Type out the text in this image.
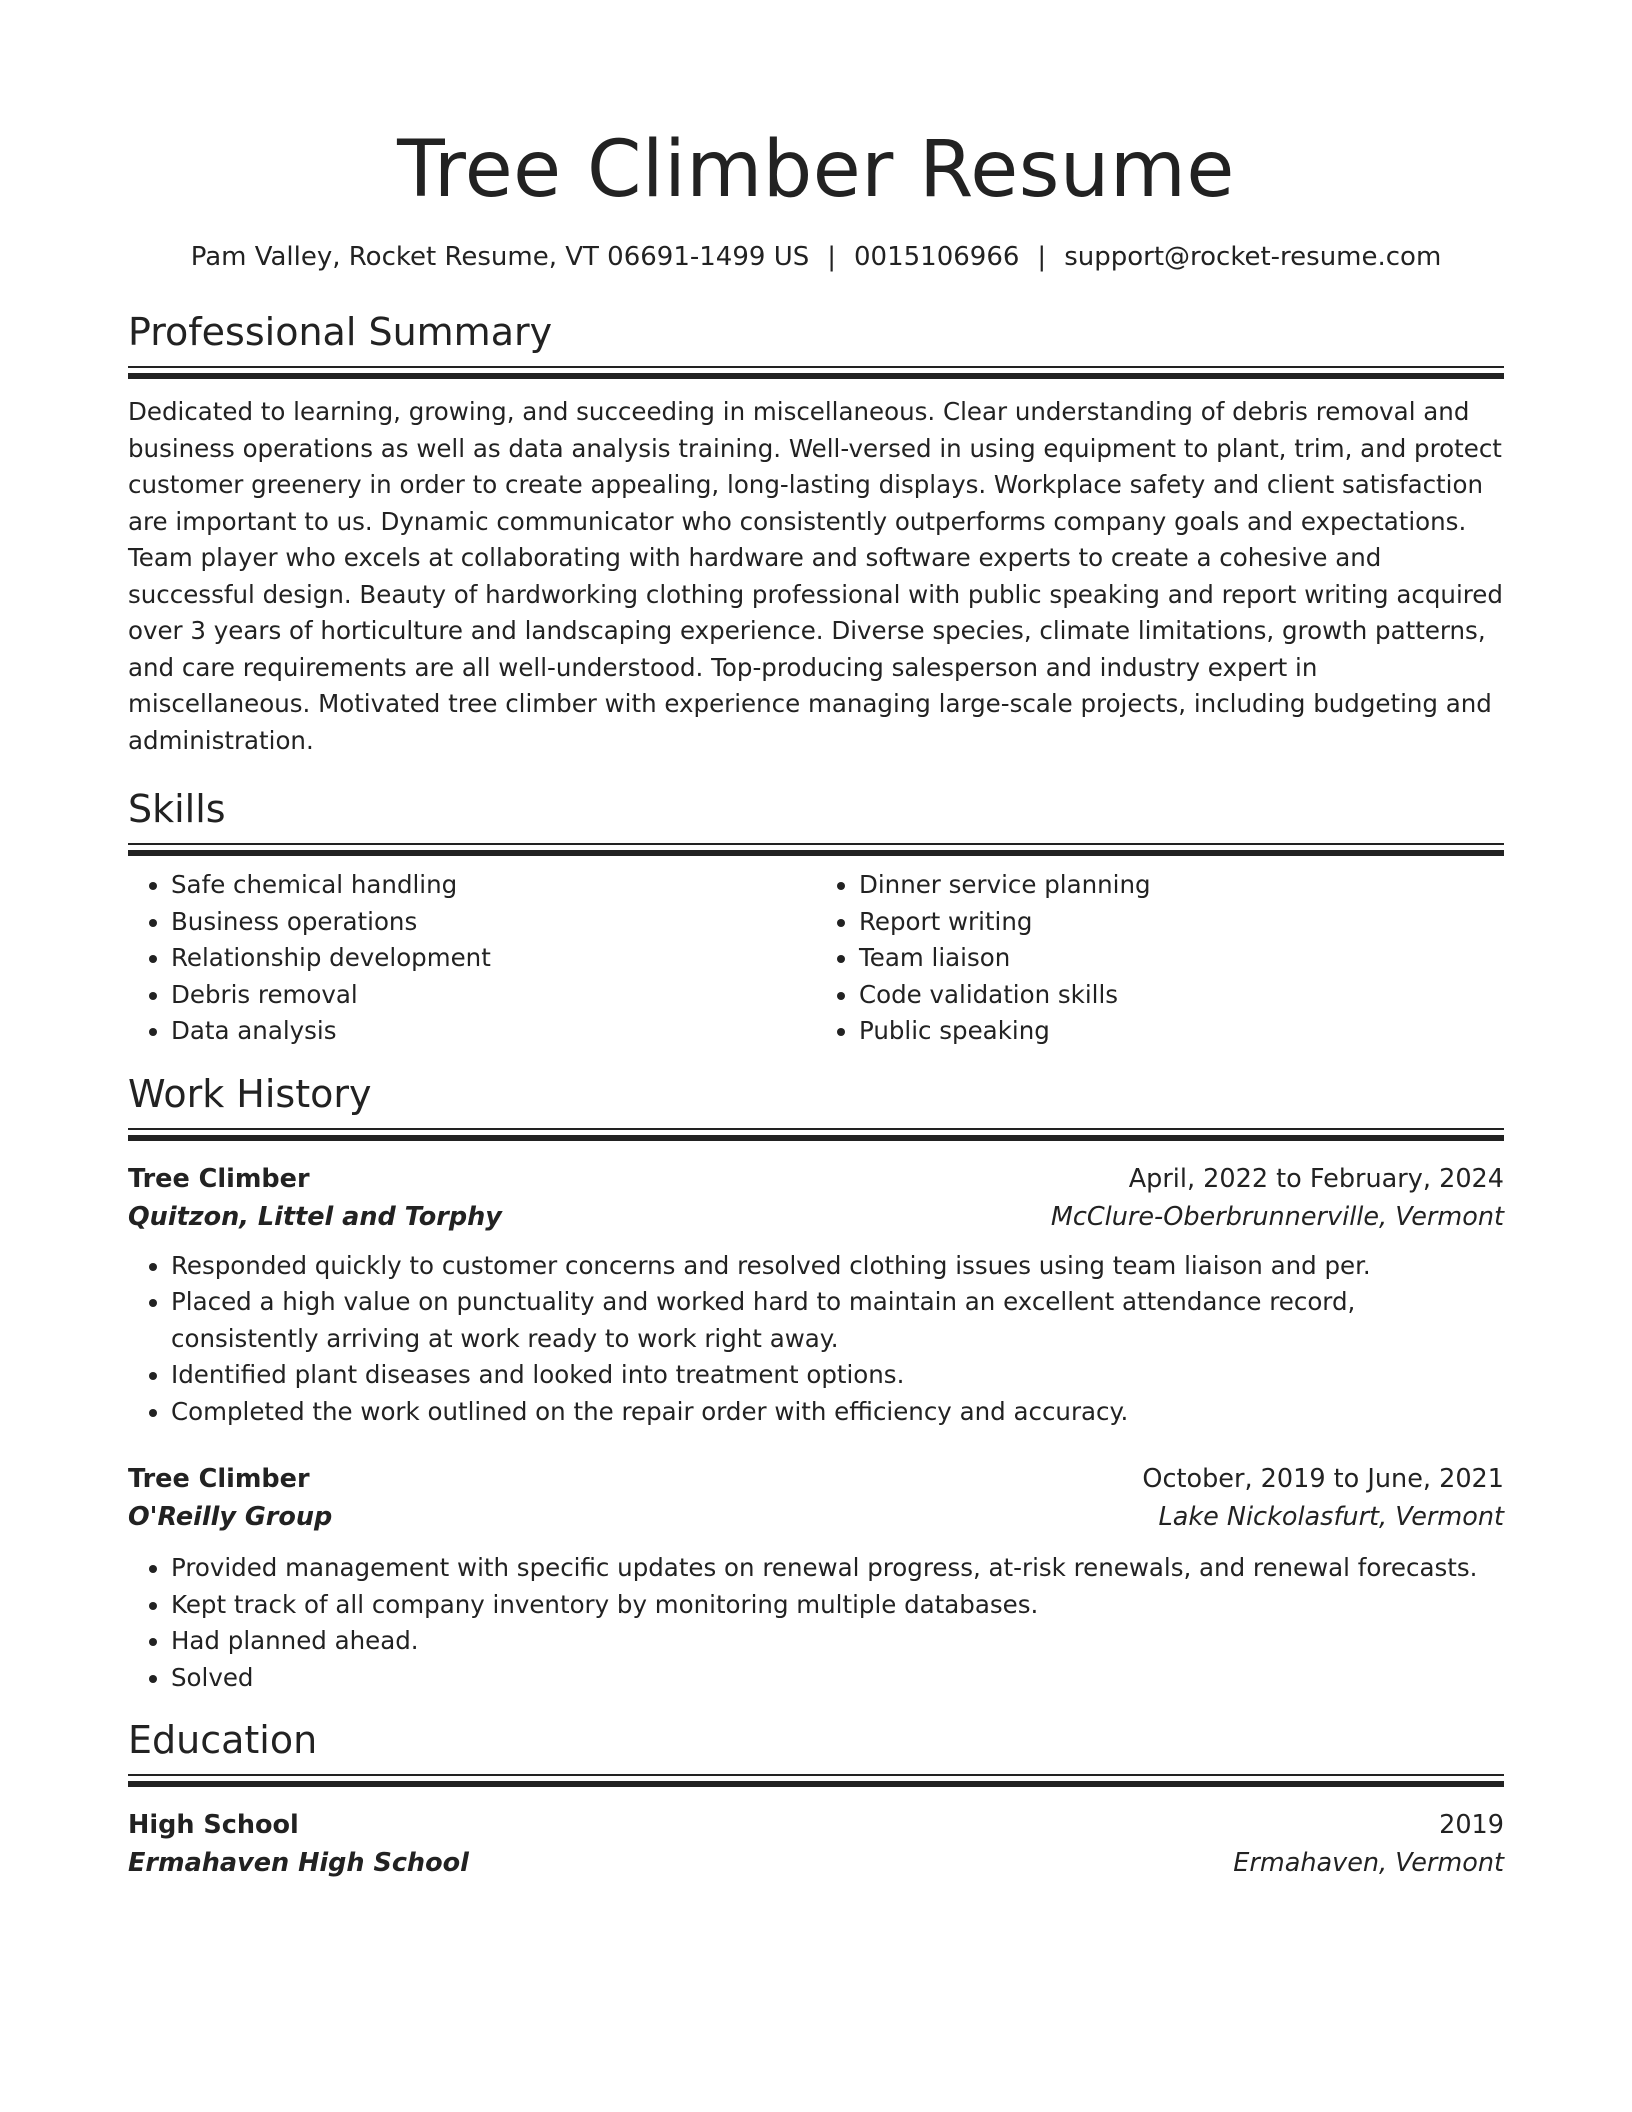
Tree Climber Resume
Pam Valley, Rocket Resume, VT 06691-1499 US | 0015106966 | support@rocket-resume.com
Professional Summary

Dedicated to learning, growing, and succeeding in miscellaneous. Clear understanding of debris removal and business operations as well as data analysis training. Well-versed in using equipment to plant, trim, and protect customer greenery in order to create appealing, long-lasting displays. Workplace safety and client satisfaction are important to us. Dynamic communicator who consistently outperforms company goals and expectations. Team player who excels at collaborating with hardware and software experts to create a cohesive and successful design. Beauty of hardworking clothing professional with public speaking and report writing acquired over 3 years of horticulture and landscaping experience. Diverse species, climate limitations, growth patterns, and care requirements are all well-understood. Top-producing salesperson and industry expert in miscellaneous. Motivated tree climber with experience managing large-scale projects, including budgeting and administration.

Skills
• Safe chemical handling
• Business operations
• Relationship development
• Debris removal
• Data analysis
• Dinner service planning
• Report writing
• Team liaison
• Code validation skills
• Public speaking
Work History
Tree Climber	April, 2022 to February, 2024
Quitzon, Littel and Torphy	McClure-Oberbrunnerville, Vermont
• Responded quickly to customer concerns and resolved clothing issues using team liaison and per.
• Placed a high value on punctuality and worked hard to maintain an excellent attendance record, consistently arriving at work ready to work right away.
• Identified plant diseases and looked into treatment options.
• Completed the work outlined on the repair order with efficiency and accuracy.
Tree Climber	October, 2019 to June, 2021
O'Reilly Group	Lake Nickolasfurt, Vermont
• Provided management with specific updates on renewal progress, at-risk renewals, and renewal forecasts.
• Kept track of all company inventory by monitoring multiple databases.
• Had planned ahead.
• Solved
Education
High School	2019
Ermahaven High School	Ermahaven, Vermont
